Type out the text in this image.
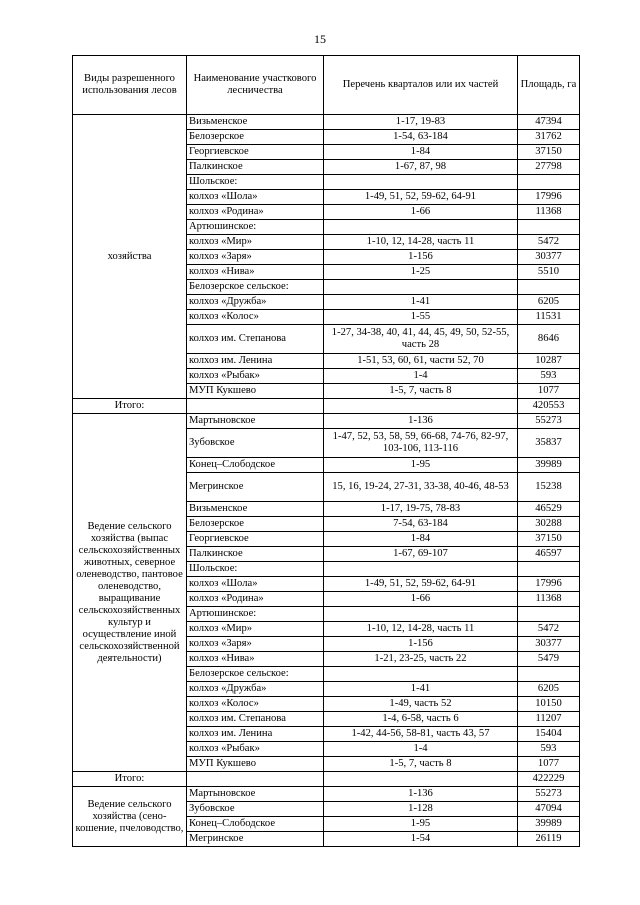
15
Виды разрешенного использования лесов	Наименование участкового лесничества	Перечень кварталов или их частей	Площадь, га
хозяйства	Визьменское	1-17, 19-83	47394
	Белозерское	1-54, 63-184	31762
	Георгиевское	1-84	37150
	Палкинское	1-67, 87, 98	27798
	Шольское:		
	колхоз «Шола»	1-49, 51, 52, 59-62, 64-91	17996
	колхоз «Родина»	1-66	11368
	Артюшинское:		
	колхоз «Мир»	1-10, 12, 14-28, часть 11	5472
	колхоз «Заря»	1-156	30377
	колхоз «Нива»	1-25	5510
	Белозерское сельское:		
	колхоз «Дружба»	1-41	6205
	колхоз «Колос»	1-55	11531
	колхоз им. Степанова	1-27, 34-38, 40, 41, 44, 45, 49, 50, 52-55, часть 28	8646
	колхоз им. Ленина	1-51, 53, 60, 61, части 52, 70	10287
	колхоз «Рыбак»	1-4	593
	МУП Кукшево	1-5, 7, часть 8	1077
Итого:			420553
Ведение сельского хозяйства (выпас сельскохозяйственных животных, северное оленеводство, пантовое оленеводство, выращивание сельскохозяйственных культур и осуществление иной сельскохозяйственной деятельности)	Мартыновское	1-136	55273
	Зубовское	1-47, 52, 53, 58, 59, 66-68, 74-76, 82-97, 103-106, 113-116	35837
	Конец–Слободское	1-95	39989
	Мегринское	15, 16, 19-24, 27-31, 33-38, 40-46, 48-53	15238
	Визьменское	1-17, 19-75, 78-83	46529
	Белозерское	7-54, 63-184	30288
	Георгиевское	1-84	37150
	Палкинское	1-67, 69-107	46597
	Шольское:		
	колхоз «Шола»	1-49, 51, 52, 59-62, 64-91	17996
	колхоз «Родина»	1-66	11368
	Артюшинское:		
	колхоз «Мир»	1-10, 12, 14-28, часть 11	5472
	колхоз «Заря»	1-156	30377
	колхоз «Нива»	1-21, 23-25, часть 22	5479
	Белозерское сельское:		
	колхоз «Дружба»	1-41	6205
	колхоз «Колос»	1-49, часть 52	10150
	колхоз им. Степанова	1-4, 6-58, часть 6	11207
	колхоз им. Ленина	1-42, 44-56, 58-81, часть 43, 57	15404
	колхоз «Рыбак»	1-4	593
	МУП Кукшево	1-5, 7, часть 8	1077
Итого:			422229
Ведение сельского хозяйства (сено-кошение, пчеловодство,	Мартыновское	1-136	55273
	Зубовское	1-128	47094
	Конец–Слободское	1-95	39989
	Мегринское	1-54	26119
